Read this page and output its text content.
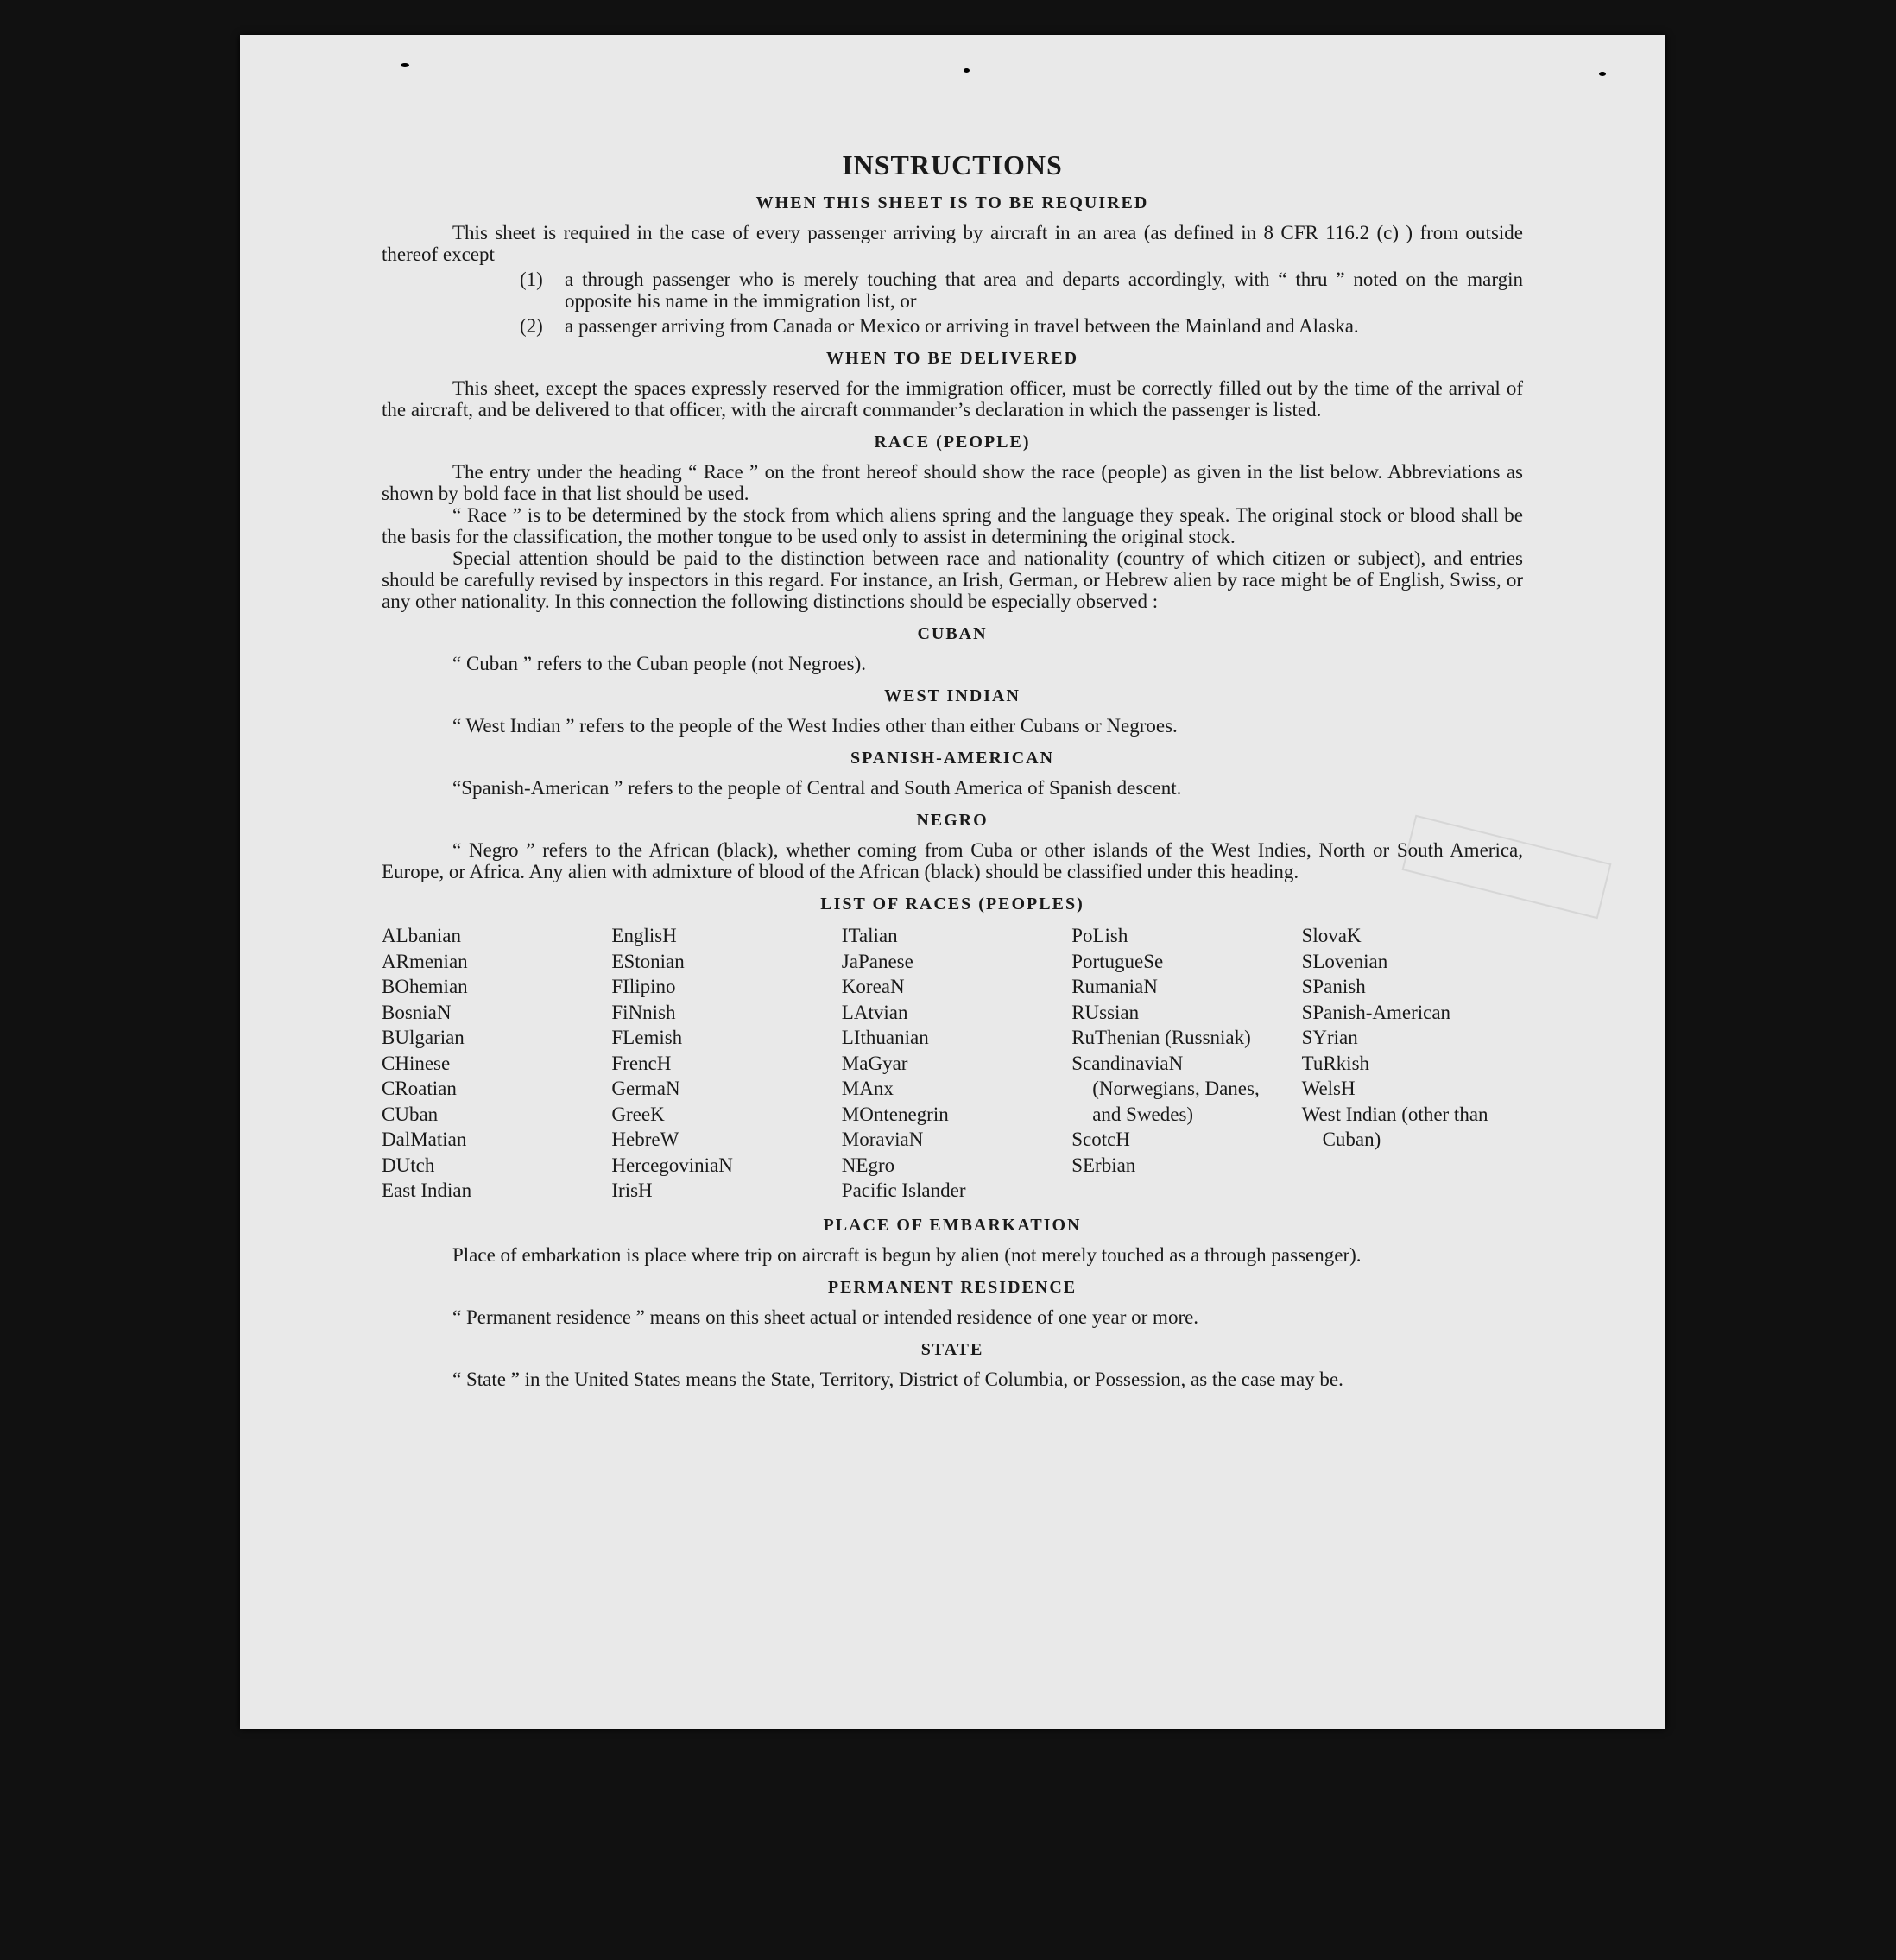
INSTRUCTIONS
WHEN THIS SHEET IS TO BE REQUIRED

This sheet is required in the case of every passenger arriving by aircraft in an area (as defined in 8 CFR 116.2 (c) ) from outside thereof except

(1)	a through passenger who is merely touching that area and departs accordingly, with “ thru ” noted on the margin opposite his name in the immigration list, or
(2)	a passenger arriving from Canada or Mexico or arriving in travel between the Mainland and Alaska.
WHEN TO BE DELIVERED

This sheet, except the spaces expressly reserved for the immigration officer, must be correctly filled out by the time of the arrival of the aircraft, and be delivered to that officer, with the aircraft commander’s declaration in which the passenger is listed.

RACE (PEOPLE)

The entry under the heading “ Race ” on the front hereof should show the race (people) as given in the list below. Abbreviations as shown by bold face in that list should be used.

“ Race ” is to be determined by the stock from which aliens spring and the language they speak. The original stock or blood shall be the basis for the classification, the mother tongue to be used only to assist in determining the original stock.

Special attention should be paid to the distinction between race and nationality (country of which citizen or subject), and entries should be carefully revised by inspectors in this regard. For instance, an Irish, German, or Hebrew alien by race might be of English, Swiss, or any other nationality. In this connection the following distinctions should be especially observed :

CUBAN

“ Cuban ” refers to the Cuban people (not Negroes).

WEST INDIAN

“ West Indian ” refers to the people of the West Indies other than either Cubans or Negroes.

SPANISH-AMERICAN

“Spanish-American ” refers to the people of Central and South America of Spanish descent.

NEGRO

“ Negro ” refers to the African (black), whether coming from Cuba or other islands of the West Indies, North or South America, Europe, or Africa. Any alien with admixture of blood of the African (black) should be classified under this heading.

LIST OF RACES (PEOPLES)
ALbanian
ARmenian
BOhemian
BosniaN
BUlgarian
CHinese
CRoatian
CUban
DalMatian
DUtch
East Indian
EnglisH
EStonian
FIlipino
FiNnish
FLemish
FrencH
GermaN
GreeK
HebreW
HercegoviniaN
IrisH
ITalian
JaPanese
KoreaN
LAtvian
LIthuanian
MaGyar
MAnx
MOntenegrin
MoraviaN
NEgro
Pacific Islander
PoLish
PortugueSe
RumaniaN
RUssian
RuThenian (Russniak)
ScandinaviaN (Norwegians, Danes, and Swedes)
ScotcH
SErbian
SlovaK
SLovenian
SPanish
SPanish-American
SYrian
TuRkish
WelsH
West Indian (other than Cuban)
PLACE OF EMBARKATION

Place of embarkation is place where trip on aircraft is begun by alien (not merely touched as a through passenger).

PERMANENT RESIDENCE

“ Permanent residence ” means on this sheet actual or intended residence of one year or more.

STATE

“ State ” in the United States means the State, Territory, District of Columbia, or Possession, as the case may be.
